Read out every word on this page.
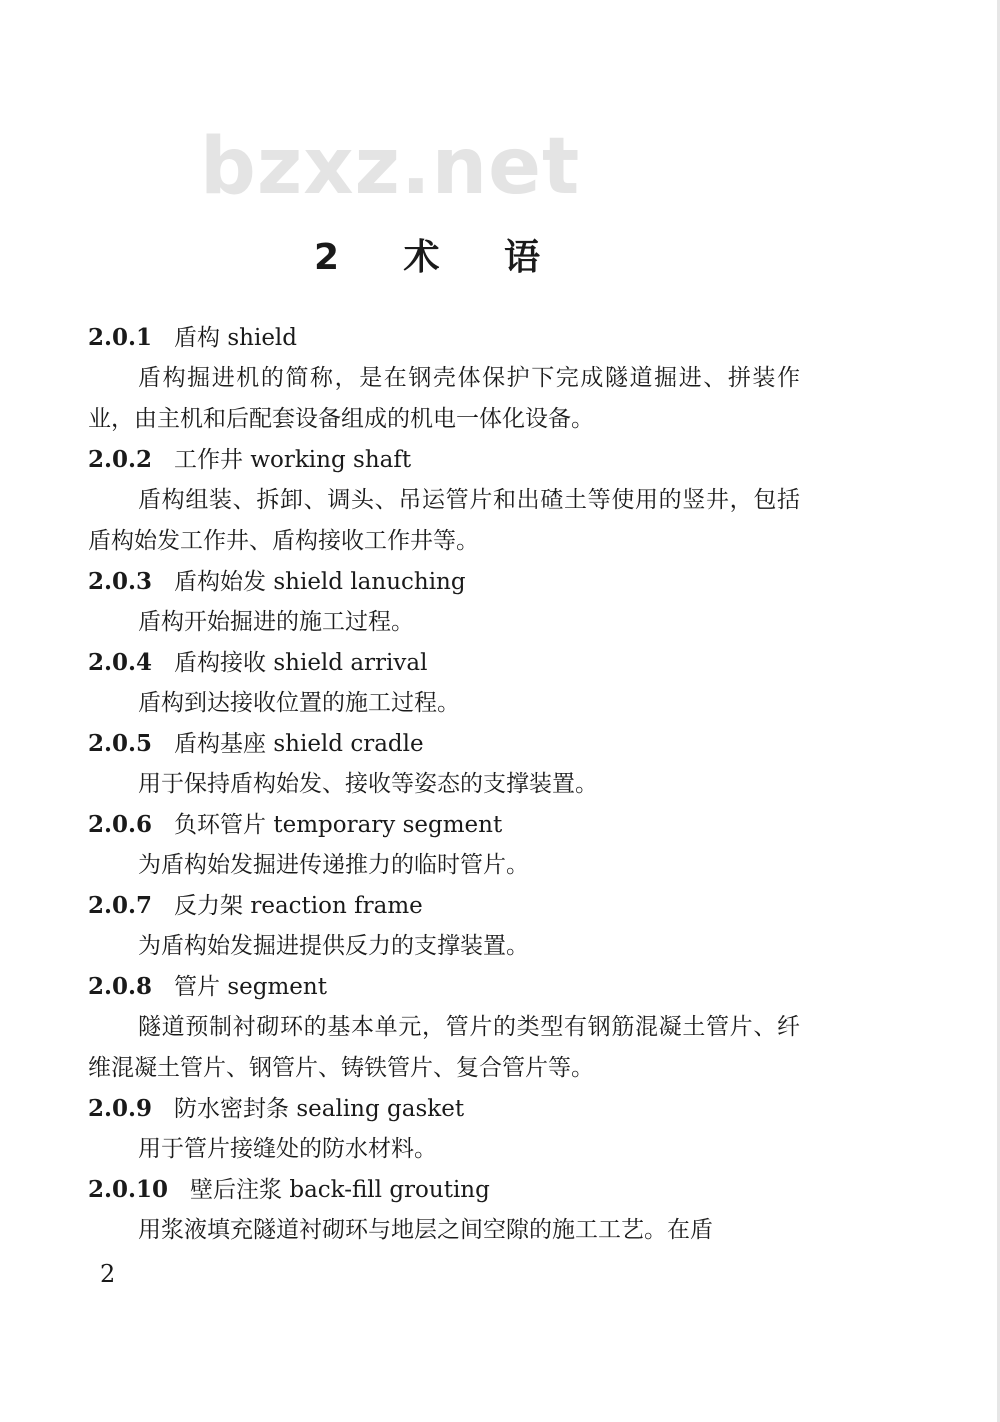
bzxz.net
2 术 语
2.0.1 盾构 shield

盾构掘进机的简称，是在钢壳体保护下完成隧道掘进、拼装作业，由主机和后配套设备组成的机电一体化设备。

2.0.2 工作井 working shaft

盾构组装、拆卸、调头、吊运管片和出碴土等使用的竖井，包括盾构始发工作井、盾构接收工作井等。

2.0.3 盾构始发 shield lanuching

盾构开始掘进的施工过程。

2.0.4 盾构接收 shield arrival

盾构到达接收位置的施工过程。

2.0.5 盾构基座 shield cradle

用于保持盾构始发、接收等姿态的支撑装置。

2.0.6 负环管片 temporary segment

为盾构始发掘进传递推力的临时管片。

2.0.7 反力架 reaction frame

为盾构始发掘进提供反力的支撑装置。

2.0.8 管片 segment

隧道预制衬砌环的基本单元，管片的类型有钢筋混凝土管片、纤维混凝土管片、钢管片、铸铁管片、复合管片等。

2.0.9 防水密封条 sealing gasket

用于管片接缝处的防水材料。

2.0.10 壁后注浆 back-fill grouting

用浆液填充隧道衬砌环与地层之间空隙的施工工艺。在盾

2
